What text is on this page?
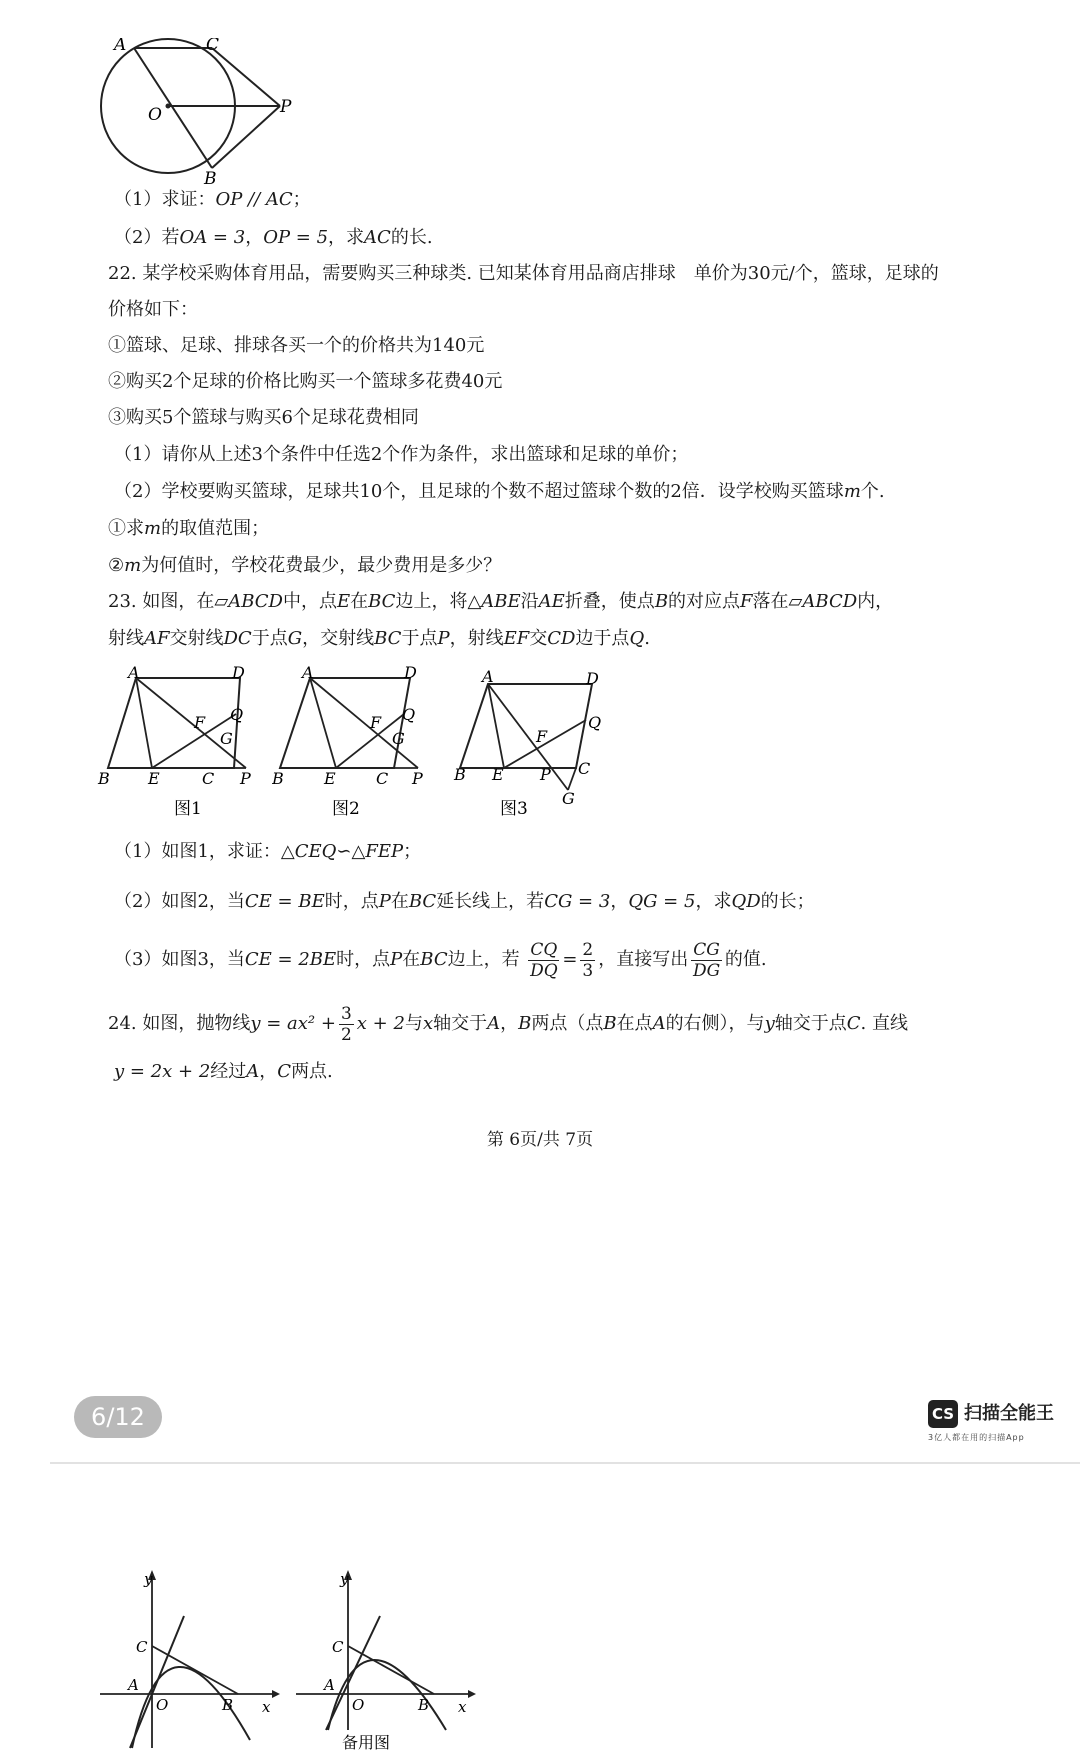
A	C
O	P
B
（1）求证：OP // AC；
（2）若OA = 3，OP = 5，求AC的长.
22. 某学校采购体育用品，需要购买三种球类. 已知某体育用品商店排球　单价为30元/个，篮球，足球的
价格如下：
①篮球、足球、排球各买一个的价格共为140元
②购买2个足球的价格比购买一个篮球多花费40元
③购买5个篮球与购买6个足球花费相同
（1）请你从上述3个条件中任选2个作为条件，求出篮球和足球的单价；
（2）学校要购买篮球，足球共10个，且足球的个数不超过篮球个数的2倍．设学校购买篮球m个.
①求m的取值范围；
②m为何值时，学校花费最少，最少费用是多少？
23. 如图，在▱ABCD中，点E在BC边上，将△ABE沿AE折叠，使点B的对应点F落在▱ABCD内，
射线AF交射线DC于点G，交射线BC于点P，射线EF交CD边于点Q.
A	D
F Q
G
B E	C P
图1
A	D
F Q
G
B	E	C P
图2
A	D
Q
F
B E P C
G
图3
（1）如图1，求证：△CEQ∽△FEP；
（2）如图2，当CE = BE时，点P在BC延长线上，若CG = 3，QG = 5，求QD的长；
（3）如图3，当CE = 2BE时，点P在BC边上，若 $\frac{CQ}{DQ} = \frac{2}{3}$ ，直接写出 $\frac{CG}{DG}$ 的值.
24. 如图，抛物线$y = ax^2 + \frac{3}{2}$ x + 2与x轴交于A，B两点（点B在点A的右侧），与y轴交于点C. 直线
y = 2x + 2经过A，C两点.
第 6页/共 7页
6/12	CS 扫描全能王
3亿人都在用的扫描App
y
C
A
O	B x
y
C
A
O	B x
备用图
